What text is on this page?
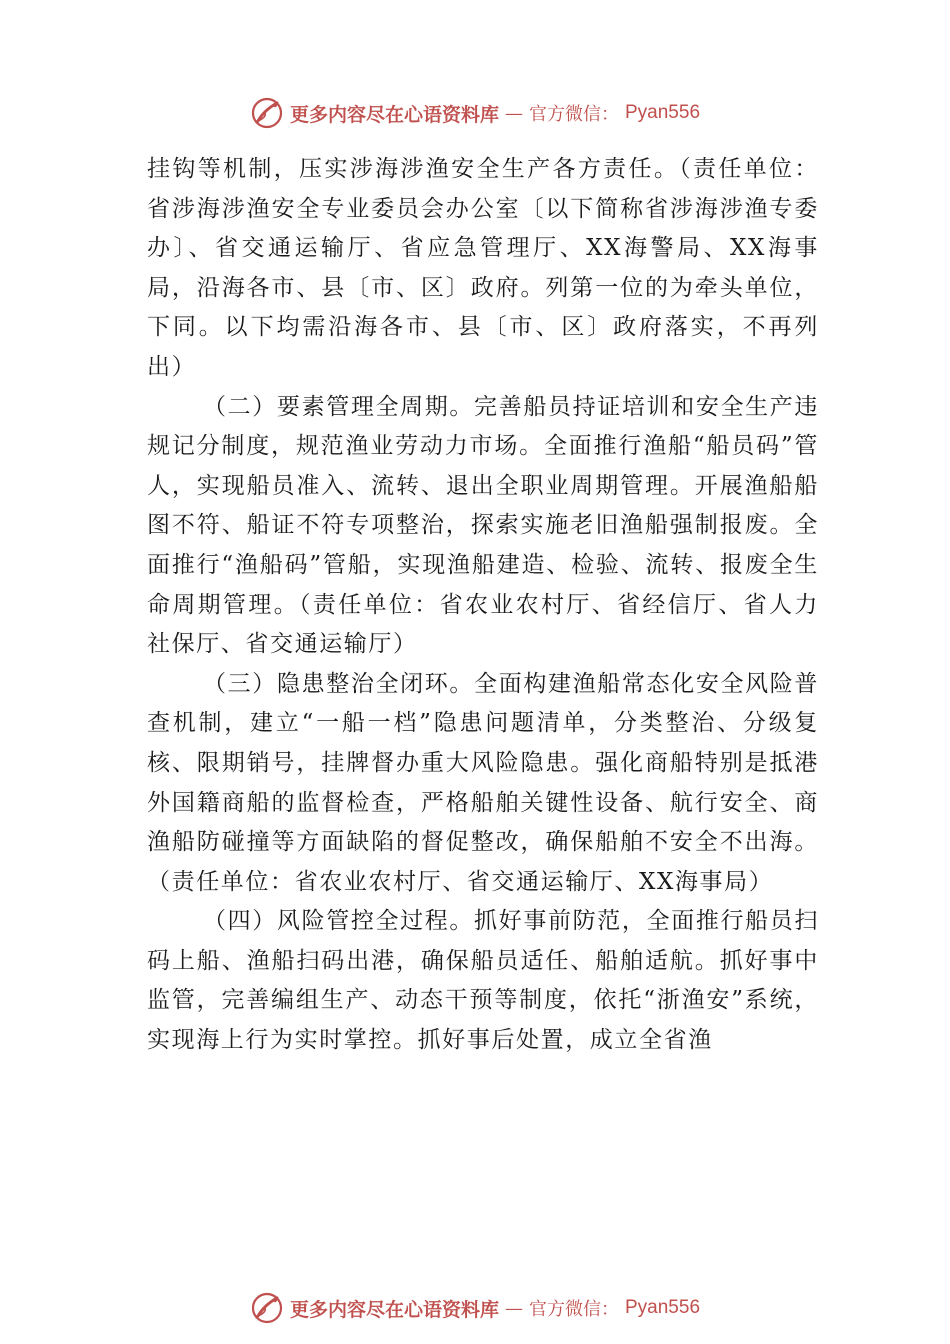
更多内容尽在心语资料库 — 官方微信： Pyan556

挂钩等机制，压实涉海涉渔安全生产各方责任。（责任单位：省涉海涉渔安全专业委员会办公室〔以下简称省涉海涉渔专委办〕、省交通运输厅、省应急管理厅、XX海警局、XX海事局，沿海各市、县〔市、区〕政府。列第一位的为牵头单位，下同。以下均需沿海各市、县〔市、区〕政府落实，不再列出）

（二）要素管理全周期。完善船员持证培训和安全生产违规记分制度，规范渔业劳动力市场。全面推行渔船“船员码”管人，实现船员准入、流转、退出全职业周期管理。开展渔船船图不符、船证不符专项整治，探索实施老旧渔船强制报废。全面推行“渔船码”管船，实现渔船建造、检验、流转、报废全生命周期管理。（责任单位：省农业农村厅、省经信厅、省人力社保厅、省交通运输厅）

（三）隐患整治全闭环。全面构建渔船常态化安全风险普查机制，建立“一船一档”隐患问题清单，分类整治、分级复核、限期销号，挂牌督办重大风险隐患。强化商船特别是抵港外国籍商船的监督检查，严格船舶关键性设备、航行安全、商渔船防碰撞等方面缺陷的督促整改，确保船舶不安全不出海。（责任单位：省农业农村厅、省交通运输厅、XX海事局）

（四）风险管控全过程。抓好事前防范，全面推行船员扫码上船、渔船扫码出港，确保船员适任、船舶适航。抓好事中监管，完善编组生产、动态干预等制度，依托“浙渔安”系统，实现海上行为实时掌控。抓好事后处置，成立全省渔

更多内容尽在心语资料库 — 官方微信： Pyan556
